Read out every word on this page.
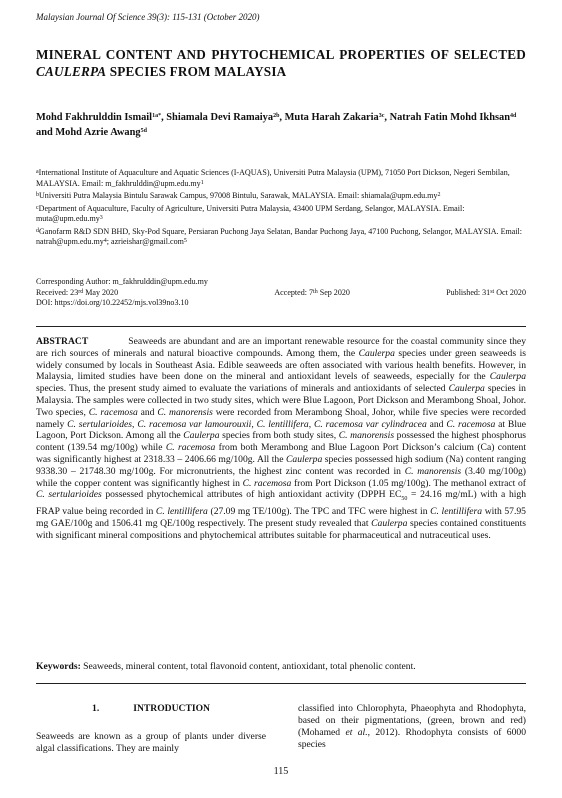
Malaysian Journal Of Science 39(3): 115-131 (October 2020)
MINERAL CONTENT AND PHYTOCHEMICAL PROPERTIES OF SELECTED CAULERPA SPECIES FROM MALAYSIA
Mohd Fakhrulddin Ismail$^{1a*}$, Shiamala Devi Ramaiya$^{2b}$, Muta Harah Zakaria$^{3c}$, Natrah Fatin Mohd Ikhsan$^{4d}$ and Mohd Azrie Awang$^{5d}$

$^a$International Institute of Aquaculture and Aquatic Sciences (I-AQUAS), Universiti Putra Malaysia (UPM), 71050 Port Dickson, Negeri Sembilan, MALAYSIA. Email: $m\_fakhrulddin@upm.edu.my^1$

$^b$Universiti Putra Malaysia Bintulu Sarawak Campus, 97008 Bintulu, Sarawak, MALAYSIA. Email: $shiamala@upm.edu.my^2$

$^c$Department of Aquaculture, Faculty of Agriculture, Universiti Putra Malaysia, 43400 UPM Serdang, Selangor, MALAYSIA. Email: $muta@upm.edu.my^3$

$^d$Ganofarm R&D SDN BHD, Sky-Pod Square, Persiaran Puchong Jaya Selatan, Bandar Puchong Jaya, 47100 Puchong, Selangor, MALAYSIA. Email: $natrah@upm.edu.my^4$; azrieishar@gmail.com$^5$

Corresponding Author: m_fakhrulddin@upm.edu.my
Received: 23rd May 2020	Accepted: 7th Sep 2020	Published: 31st Oct 2020
DOI: https://doi.org/10.22452/mjs.vol39no3.10
ABSTRACT	Seaweeds are abundant and are an important renewable resource for the coastal community since they are rich sources of minerals and natural bioactive compounds. Among them, the Caulerpa species under green seaweeds is widely consumed by locals in Southeast Asia. Edible seaweeds are often associated with various health benefits. However, in Malaysia, limited studies have been done on the mineral and antioxidant levels of seaweeds, especially for the Caulerpa species. Thus, the present study aimed to evaluate the variations of minerals and antioxidants of selected Caulerpa species in Malaysia. The samples were collected in two study sites, which were Blue Lagoon, Port Dickson and Merambong Shoal, Johor. Two species, C. racemosa and C. manorensis were recorded from Merambong Shoal, Johor, while five species were recorded namely C. sertularioides, C. racemosa var lamourouxii, C. lentillifera, C. racemosa var cylindracea and C. racemosa at Blue Lagoon, Port Dickson. Among all the Caulerpa species from both study sites, C. manorensis possessed the highest phosphorus content (139.54 mg/100g) while C. racemosa from both Merambong and Blue Lagoon Port Dickson’s calcium (Ca) content was significantly highest at 2318.33 – 2406.66 mg/100g. All the Caulerpa species possessed high sodium (Na) content ranging 9338.30 – 21748.30 mg/100g. For micronutrients, the highest zinc content was recorded in C. manorensis (3.40 mg/100g) while the copper content was significantly highest in C. racemosa from Port Dickson (1.05 mg/100g). The methanol extract of C. sertularioides possessed phytochemical attributes of high antioxidant activity (DPPH $EC_{50} = 24.16$ mg/mL) with a high FRAP value being recorded in C. lentillifera (27.09 mg TE/100g). The TPC and TFC were highest in C. lentillifera with 57.95 mg GAE/100g and 1506.41 mg QE/100g respectively. The present study revealed that Caulerpa species contained constituents with significant mineral compositions and phytochemical attributes suitable for pharmaceutical and nutraceutical uses.
Keywords: Seaweeds, mineral content, total flavonoid content, antioxidant, total phenolic content.
1.	INTRODUCTION
Seaweeds are known as a group of plants under diverse algal classifications. They are mainly
classified into Chlorophyta, Phaeophyta and Rhodophyta, based on their pigmentations, (green, brown and red) (Mohamed et al., 2012). Rhodophyta consists of 6000 species
115
